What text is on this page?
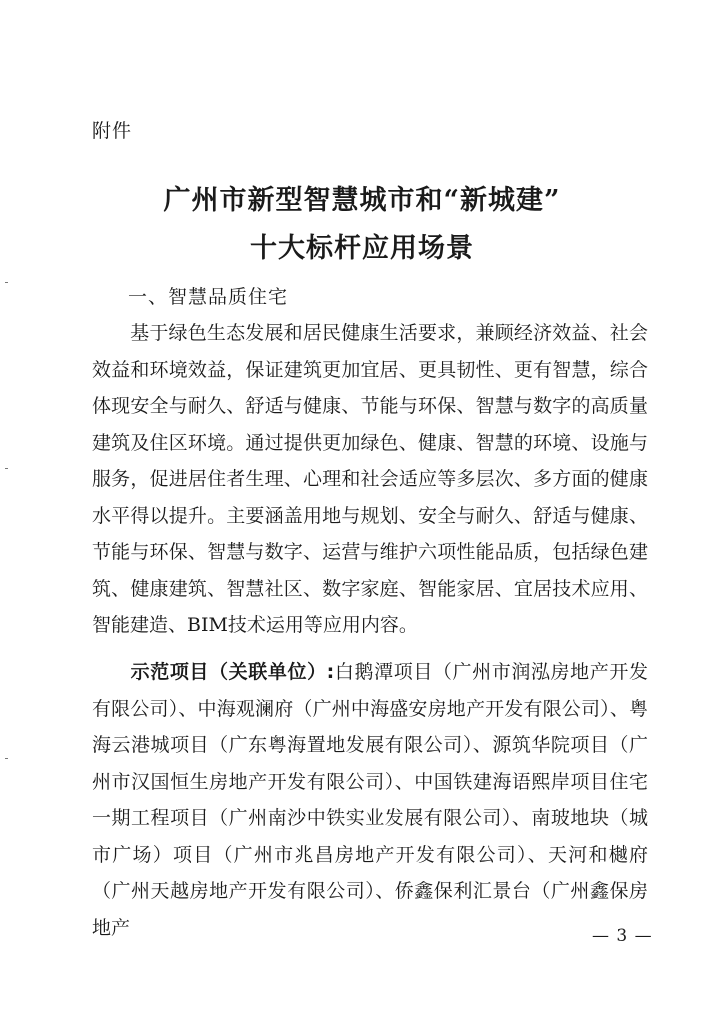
附件
广州市新型智慧城市和“新城建”
十大标杆应用场景
一、智慧品质住宅
基于绿色生态发展和居民健康生活要求，兼顾经济效益、社会效益和环境效益，保证建筑更加宜居、更具韧性、更有智慧，综合体现安全与耐久、舒适与健康、节能与环保、智慧与数字的高质量建筑及住区环境。通过提供更加绿色、健康、智慧的环境、设施与服务，促进居住者生理、心理和社会适应等多层次、多方面的健康水平得以提升。主要涵盖用地与规划、安全与耐久、舒适与健康、节能与环保、智慧与数字、运营与维护六项性能品质，包括绿色建筑、健康建筑、智慧社区、数字家庭、智能家居、宜居技术应用、智能建造、BIM技术运用等应用内容。
示范项目（关联单位）:白鹅潭项目（广州市润泓房地产开发有限公司）、中海观澜府（广州中海盛安房地产开发有限公司）、粤海云港城项目（广东粤海置地发展有限公司）、源筑华院项目（广州市汉国恒生房地产开发有限公司）、中国铁建海语熙岸项目住宅一期工程项目（广州南沙中铁实业发展有限公司）、南玻地块（城市广场）项目（广州市兆昌房地产开发有限公司）、天河和樾府（广州天越房地产开发有限公司）、侨鑫保利汇景台（广州鑫保房地产	— 3 —
